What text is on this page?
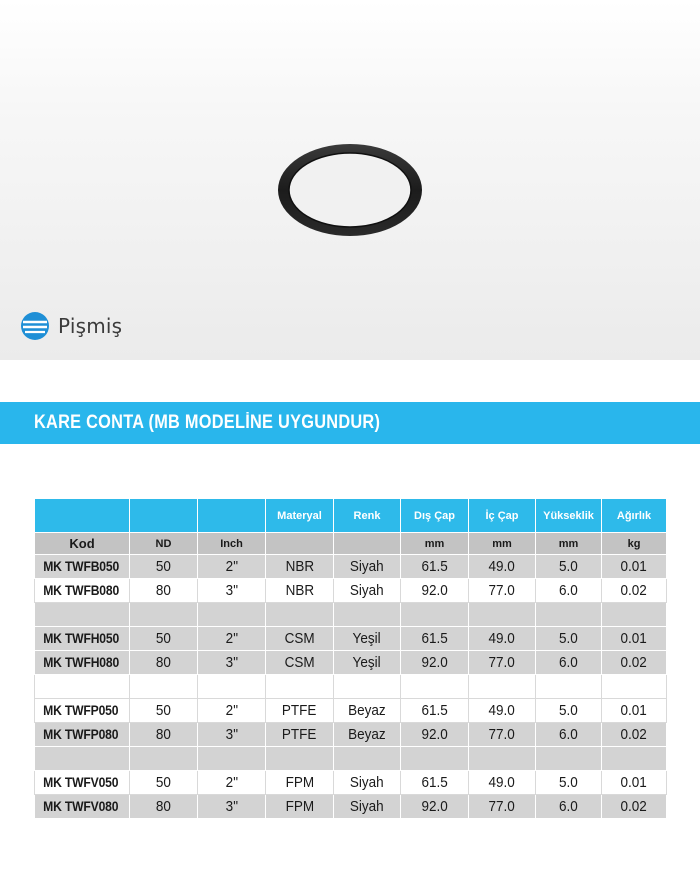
Pişmiş
KARE CONTA (MB MODELİNE UYGUNDUR)
			Materyal	Renk	Dış Çap	İç Çap	Yükseklik	Ağırlık
Kod	ND	Inch			mm	mm	mm	kg
MK TWFB050	50	2"	NBR	Siyah	61.5	49.0	5.0	0.01
MK TWFB080	80	3"	NBR	Siyah	92.0	77.0	6.0	0.02

MK TWFH050	50	2"	CSM	Yeşil	61.5	49.0	5.0	0.01
MK TWFH080	80	3"	CSM	Yeşil	92.0	77.0	6.0	0.02

MK TWFP050	50	2"	PTFE	Beyaz	61.5	49.0	5.0	0.01
MK TWFP080	80	3"	PTFE	Beyaz	92.0	77.0	6.0	0.02

MK TWFV050	50	2"	FPM	Siyah	61.5	49.0	5.0	0.01
MK TWFV080	80	3"	FPM	Siyah	92.0	77.0	6.0	0.02
